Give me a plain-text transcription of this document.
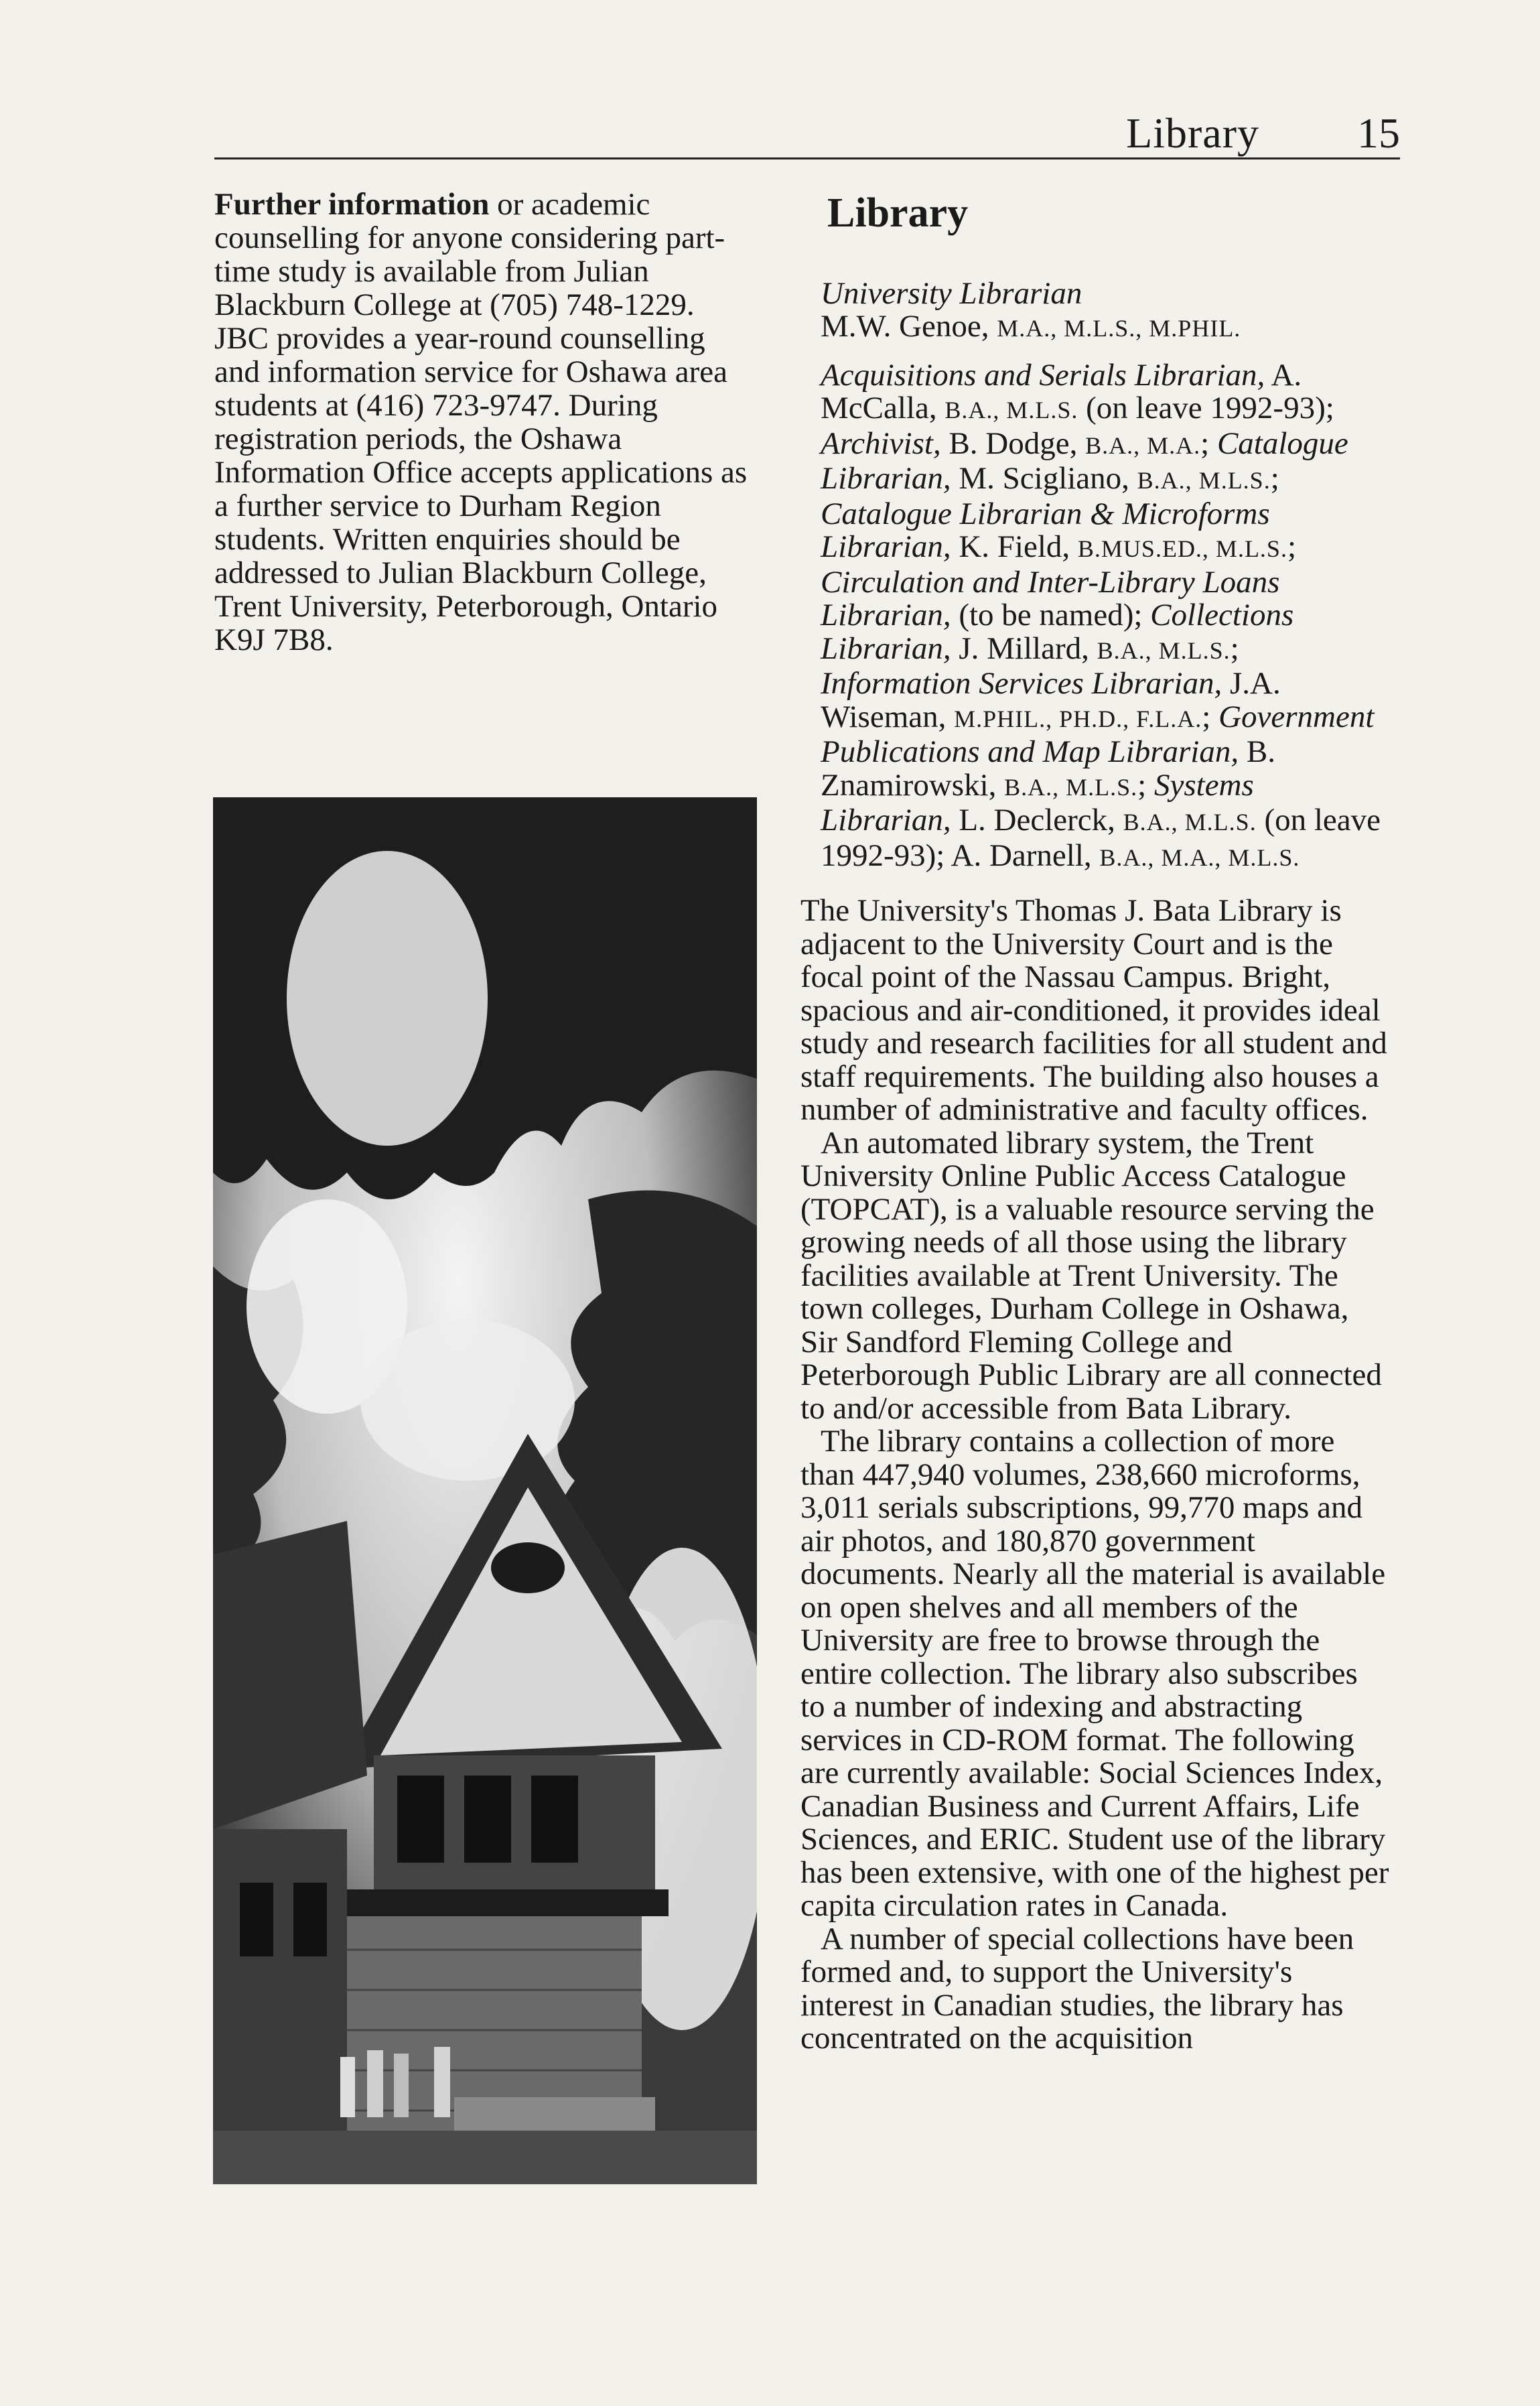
Library 15
Further information or academic counselling for anyone considering part-time study is available from Julian Blackburn College at (705) 748-1229. JBC provides a year-round counselling and information service for Oshawa area students at (416) 723-9747. During registration periods, the Oshawa Information Office accepts applications as a further service to Durham Region students. Written enquiries should be addressed to Julian Blackburn College, Trent University, Peterborough, Ontario K9J 7B8.
Library

University Librarian
M.W. Genoe, M.A., M.L.S., M.PHIL.

Acquisitions and Serials Librarian, A. McCalla, B.A., M.L.S. (on leave 1992-93); Archivist, B. Dodge, B.A., M.A.; Catalogue Librarian, M. Scigliano, B.A., M.L.S.; Catalogue Librarian & Microforms Librarian, K. Field, B.MUS.ED., M.L.S.; Circulation and Inter-Library Loans Librarian, (to be named); Collections Librarian, J. Millard, B.A., M.L.S.; Information Services Librarian, J.A. Wiseman, M.PHIL., PH.D., F.L.A.; Government Publications and Map Librarian, B. Znamirowski, B.A., M.L.S.; Systems Librarian, L. Declerck, B.A., M.L.S. (on leave 1992-93); A. Darnell, B.A., M.A., M.L.S.

The University's Thomas J. Bata Library is adjacent to the University Court and is the focal point of the Nassau Campus. Bright, spacious and air-conditioned, it provides ideal study and research facilities for all student and staff requirements. The building also houses a number of administrative and faculty offices.

An automated library system, the Trent University Online Public Access Catalogue (TOPCAT), is a valuable resource serving the growing needs of all those using the library facilities available at Trent University. The town colleges, Durham College in Oshawa, Sir Sandford Fleming College and Peterborough Public Library are all connected to and/or accessible from Bata Library.

The library contains a collection of more than 447,940 volumes, 238,660 microforms, 3,011 serials subscriptions, 99,770 maps and air photos, and 180,870 government documents. Nearly all the material is available on open shelves and all members of the University are free to browse through the entire collection. The library also subscribes to a number of indexing and abstracting services in CD-ROM format. The following are currently available: Social Sciences Index, Canadian Business and Current Affairs, Life Sciences, and ERIC. Student use of the library has been extensive, with one of the highest per capita circulation rates in Canada.

A number of special collections have been formed and, to support the University's interest in Canadian studies, the library has concentrated on the acquisition
